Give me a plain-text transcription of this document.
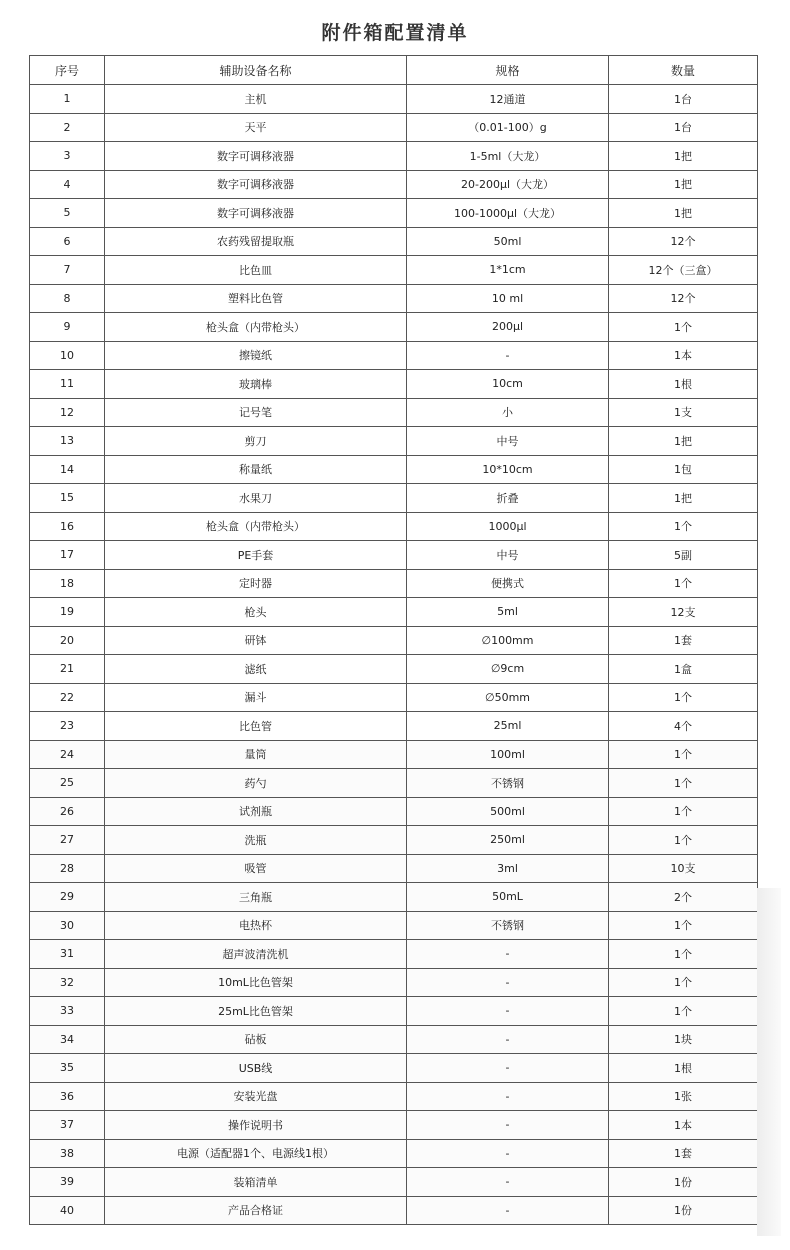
附件箱配置清单
序号	辅助设备名称	规格	数量
1	主机	12通道	1台
2	天平	（0.01-100）g	1台
3	数字可调移液器	1-5ml（大龙）	1把
4	数字可调移液器	20-200μl（大龙）	1把
5	数字可调移液器	100-1000μl（大龙）	1把
6	农药残留提取瓶	50ml	12个
7	比色皿	1*1cm	12个（三盒）
8	塑料比色管	10 ml	12个
9	枪头盒（内带枪头）	200μl	1个
10	擦镜纸	-	1本
11	玻璃棒	10cm	1根
12	记号笔	小	1支
13	剪刀	中号	1把
14	称量纸	10*10cm	1包
15	水果刀	折叠	1把
16	枪头盒（内带枪头）	1000μl	1个
17	PE手套	中号	5副
18	定时器	便携式	1个
19	枪头	5ml	12支
20	研钵	∅100mm	1套
21	滤纸	∅9cm	1盒
22	漏斗	∅50mm	1个
23	比色管	25ml	4个
24	量筒	100ml	1个
25	药勺	不锈钢	1个
26	试剂瓶	500ml	1个
27	洗瓶	250ml	1个
28	吸管	3ml	10支
29	三角瓶	50mL	2个
30	电热杯	不锈钢	1个
31	超声波清洗机	-	1个
32	10mL比色管架	-	1个
33	25mL比色管架	-	1个
34	砧板	-	1块
35	USB线	-	1根
36	安装光盘	-	1张
37	操作说明书	-	1本
38	电源（适配器1个、电源线1根）	-	1套
39	装箱清单	-	1份
40	产品合格证	-	1份
